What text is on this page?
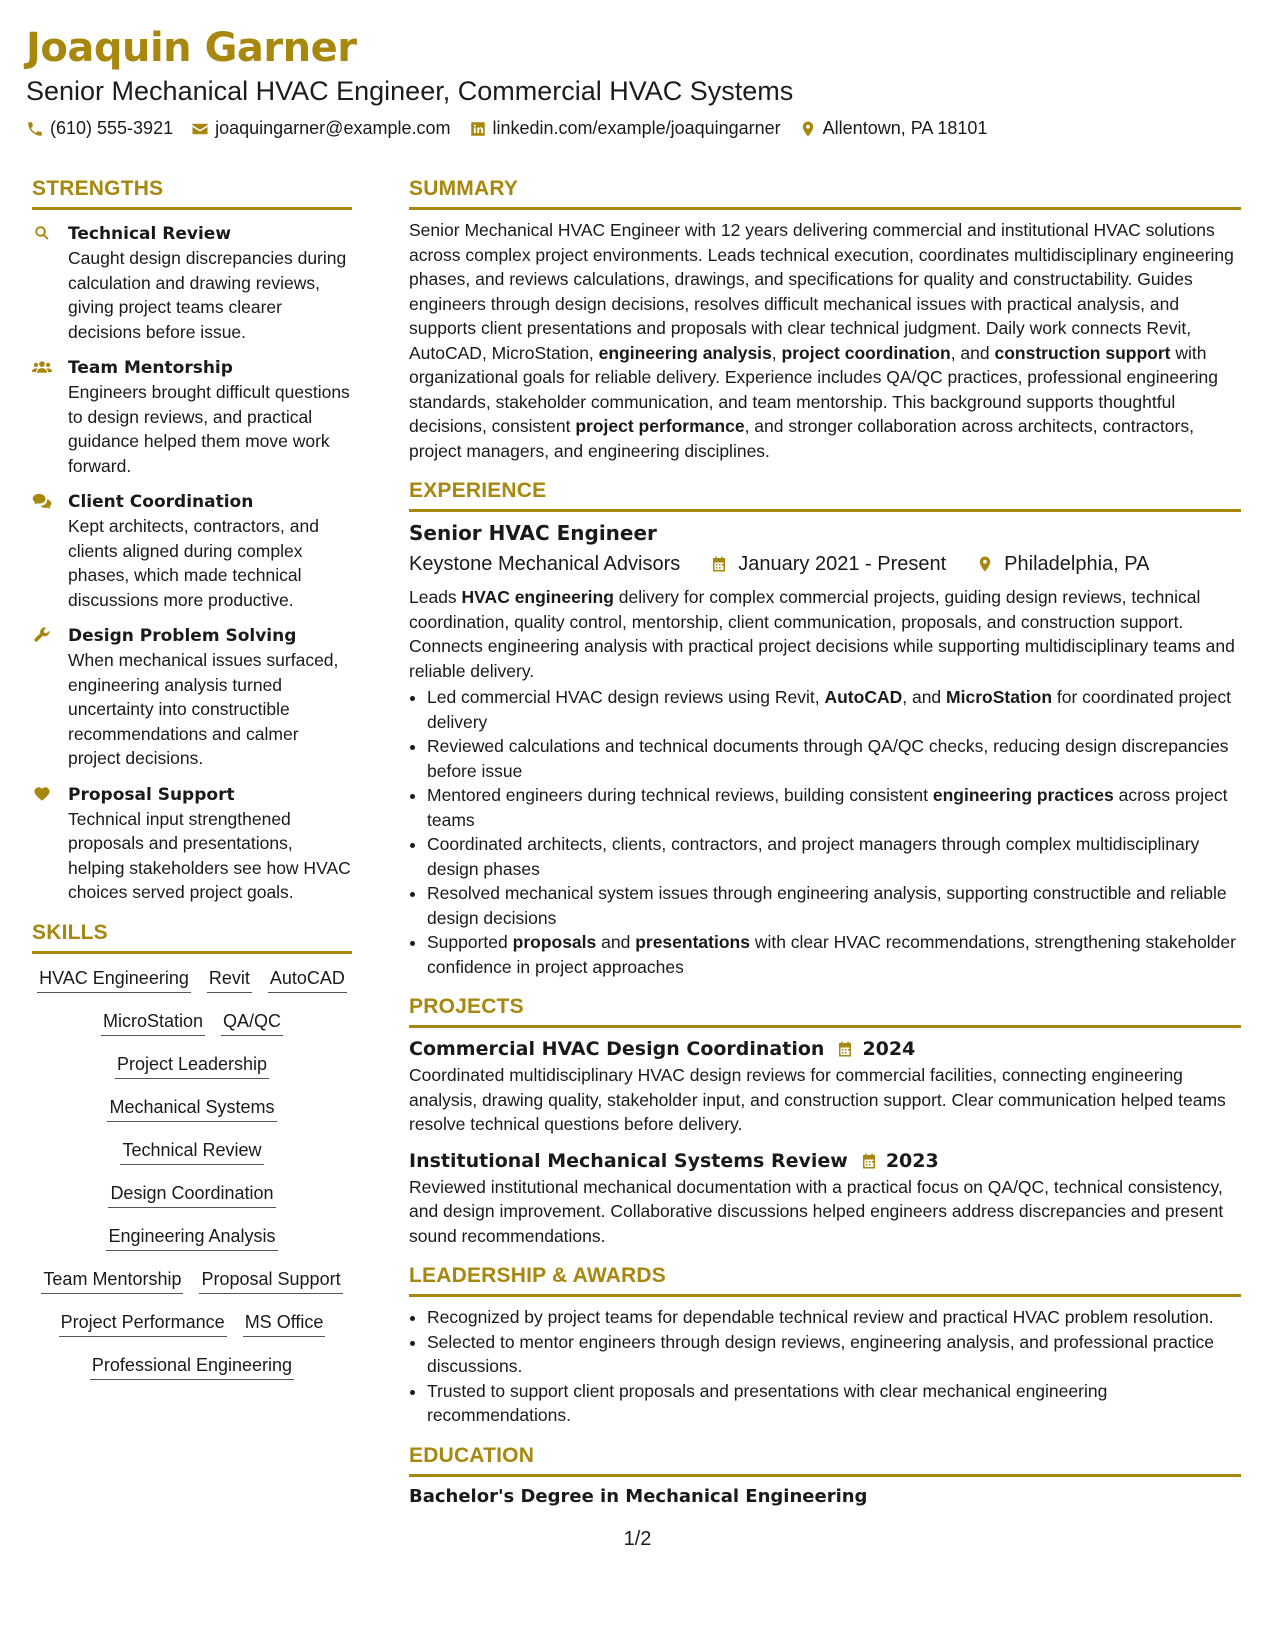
Joaquin Garner
Senior Mechanical HVAC Engineer, Commercial HVAC Systems
(610) 555-3921 joaquingarner@example.com linkedin.com/example/joaquingarner Allentown, PA 18101
STRENGTHS
Technical Review
Caught design discrepancies during calculation and drawing reviews, giving project teams clearer decisions before issue.
Team Mentorship
Engineers brought difficult questions to design reviews, and practical guidance helped them move work forward.
Client Coordination
Kept architects, contractors, and clients aligned during complex phases, which made technical discussions more productive.
Design Problem Solving
When mechanical issues surfaced, engineering analysis turned uncertainty into constructible recommendations and calmer project decisions.
Proposal Support
Technical input strengthened proposals and presentations, helping stakeholders see how HVAC choices served project goals.
SKILLS
HVAC Engineering Revit AutoCAD
MicroStation QA/QC
Project Leadership
Mechanical Systems
Technical Review
Design Coordination
Engineering Analysis
Team Mentorship Proposal Support
Project Performance MS Office
Professional Engineering
SUMMARY
Senior Mechanical HVAC Engineer with 12 years delivering commercial and institutional HVAC solutions across complex project environments. Leads technical execution, coordinates multidisciplinary engineering phases, and reviews calculations, drawings, and specifications for quality and constructability. Guides engineers through design decisions, resolves difficult mechanical issues with practical analysis, and supports client presentations and proposals with clear technical judgment. Daily work connects Revit, AutoCAD, MicroStation, engineering analysis, project coordination, and construction support with organizational goals for reliable delivery. Experience includes QA/QC practices, professional engineering standards, stakeholder communication, and team mentorship. This background supports thoughtful decisions, consistent project performance, and stronger collaboration across architects, contractors, project managers, and engineering disciplines.
EXPERIENCE
Senior HVAC Engineer
Keystone Mechanical Advisors	January 2021 - Present	Philadelphia, PA
Leads HVAC engineering delivery for complex commercial projects, guiding design reviews, technical coordination, quality control, mentorship, client communication, proposals, and construction support. Connects engineering analysis with practical project decisions while supporting multidisciplinary teams and reliable delivery.
• Led commercial HVAC design reviews using Revit, AutoCAD, and MicroStation for coordinated project delivery
• Reviewed calculations and technical documents through QA/QC checks, reducing design discrepancies before issue
• Mentored engineers during technical reviews, building consistent engineering practices across project teams
• Coordinated architects, clients, contractors, and project managers through complex multidisciplinary design phases
• Resolved mechanical system issues through engineering analysis, supporting constructible and reliable design decisions
• Supported proposals and presentations with clear HVAC recommendations, strengthening stakeholder confidence in project approaches
PROJECTS
Commercial HVAC Design Coordination 2024
Coordinated multidisciplinary HVAC design reviews for commercial facilities, connecting engineering analysis, drawing quality, stakeholder input, and construction support. Clear communication helped teams resolve technical questions before delivery.
Institutional Mechanical Systems Review 2023
Reviewed institutional mechanical documentation with a practical focus on QA/QC, technical consistency, and design improvement. Collaborative discussions helped engineers address discrepancies and present sound recommendations.
LEADERSHIP & AWARDS
• Recognized by project teams for dependable technical review and practical HVAC problem resolution.
• Selected to mentor engineers through design reviews, engineering analysis, and professional practice discussions.
• Trusted to support client proposals and presentations with clear mechanical engineering recommendations.
EDUCATION
Bachelor's Degree in Mechanical Engineering
1/2
